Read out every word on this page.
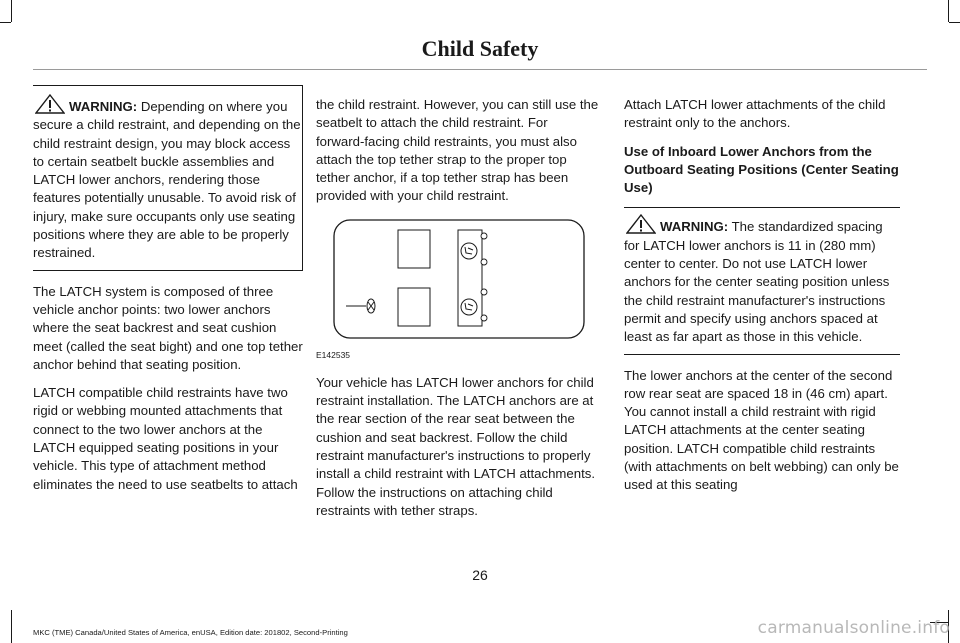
Child Safety
WARNING: Depending on where you secure a child restraint, and depending on the child restraint design, you may block access to certain seatbelt buckle assemblies and LATCH lower anchors, rendering those features potentially unusable. To avoid risk of injury, make sure occupants only use seating positions where they are able to be properly restrained.

The LATCH system is composed of three vehicle anchor points: two lower anchors where the seat backrest and seat cushion meet (called the seat bight) and one top tether anchor behind that seating position.

LATCH compatible child restraints have two rigid or webbing mounted attachments that connect to the two lower anchors at the LATCH equipped seating positions in your vehicle. This type of attachment method eliminates the need to use seatbelts to attach

the child restraint. However, you can still use the seatbelt to attach the child restraint. For forward-facing child restraints, you must also attach the top tether strap to the proper top tether anchor, if a top tether strap has been provided with your child restraint.

E142535

Your vehicle has LATCH lower anchors for child restraint installation. The LATCH anchors are at the rear section of the rear seat between the cushion and seat backrest. Follow the child restraint manufacturer's instructions to properly install a child restraint with LATCH attachments. Follow the instructions on attaching child restraints with tether straps.

Attach LATCH lower attachments of the child restraint only to the anchors.

Use of Inboard Lower Anchors from the Outboard Seating Positions (Center Seating Use)

WARNING: The standardized spacing for LATCH lower anchors is 11 in (280 mm) center to center. Do not use LATCH lower anchors for the center seating position unless the child restraint manufacturer's instructions permit and specify using anchors spaced at least as far apart as those in this vehicle.

The lower anchors at the center of the second row rear seat are spaced 18 in (46 cm) apart. You cannot install a child restraint with rigid LATCH attachments at the center seating position. LATCH compatible child restraints (with attachments on belt webbing) can only be used at this seating

26
MKC (TME) Canada/United States of America, enUSA, Edition date: 201802, Second-Printing	carmanualsonline.info
